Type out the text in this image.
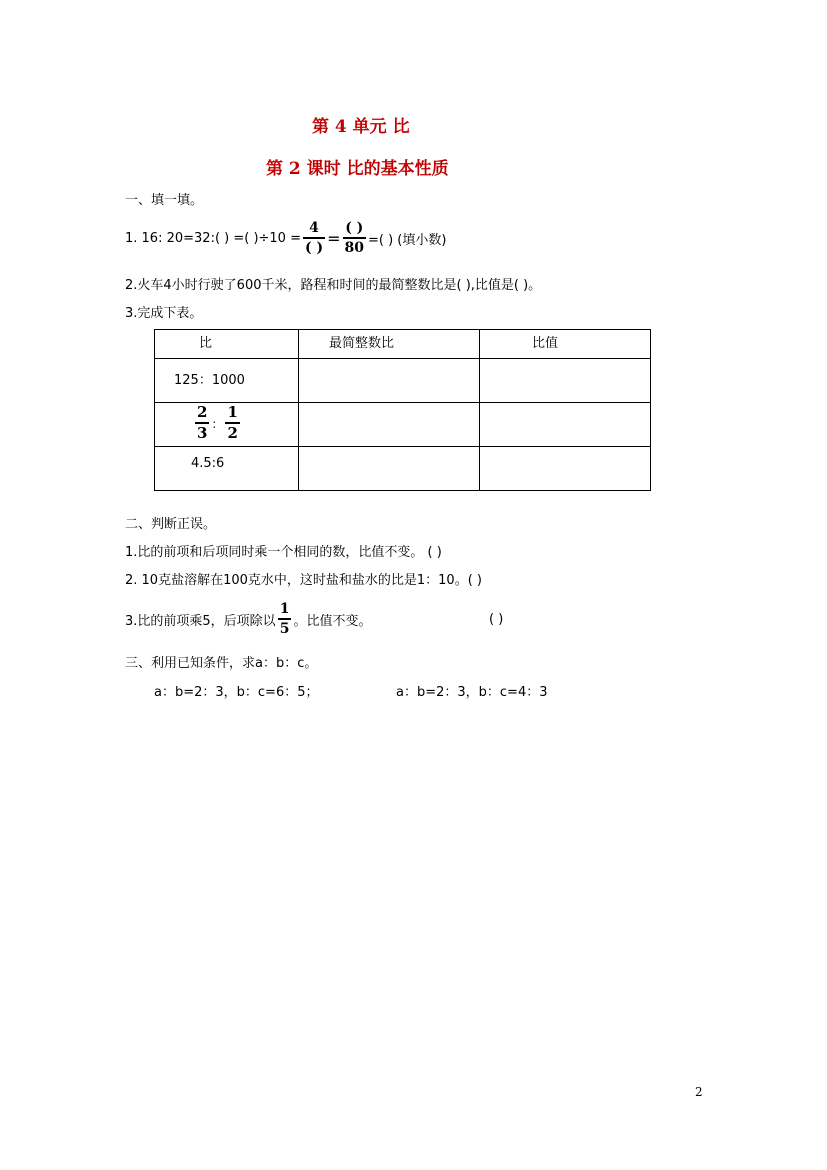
第 4 单元 比
第 2 课时 比的基本性质
一、填一填。
1. 16: 20=32:( ) =( )$\div 10 = \frac{4}{( )} = \frac{( )}{80}$ =( ) (填小数)
2.火车4小时行驶了600千米，路程和时间的最简整数比是( ),比值是( )。
3.完成下表。
比	最简整数比	比值

125：1000		

$\frac{2}{3}$ ： $\frac{1}{2}$

4.5:6		

二、判断正误。
1.比的前项和后项同时乘一个相同的数，比值不变。 ( )
2. 10克盐溶解在100克水中，这时盐和盐水的比是1：10。( )
3.比的前项乘5，后项除以 $\frac{1}{5}$ 。比值不变。	( )
三、利用已知条件，求a：b：c。
a：b=2：3，b：c=6：5；	a：b=2：3，b：c=4：3
2
